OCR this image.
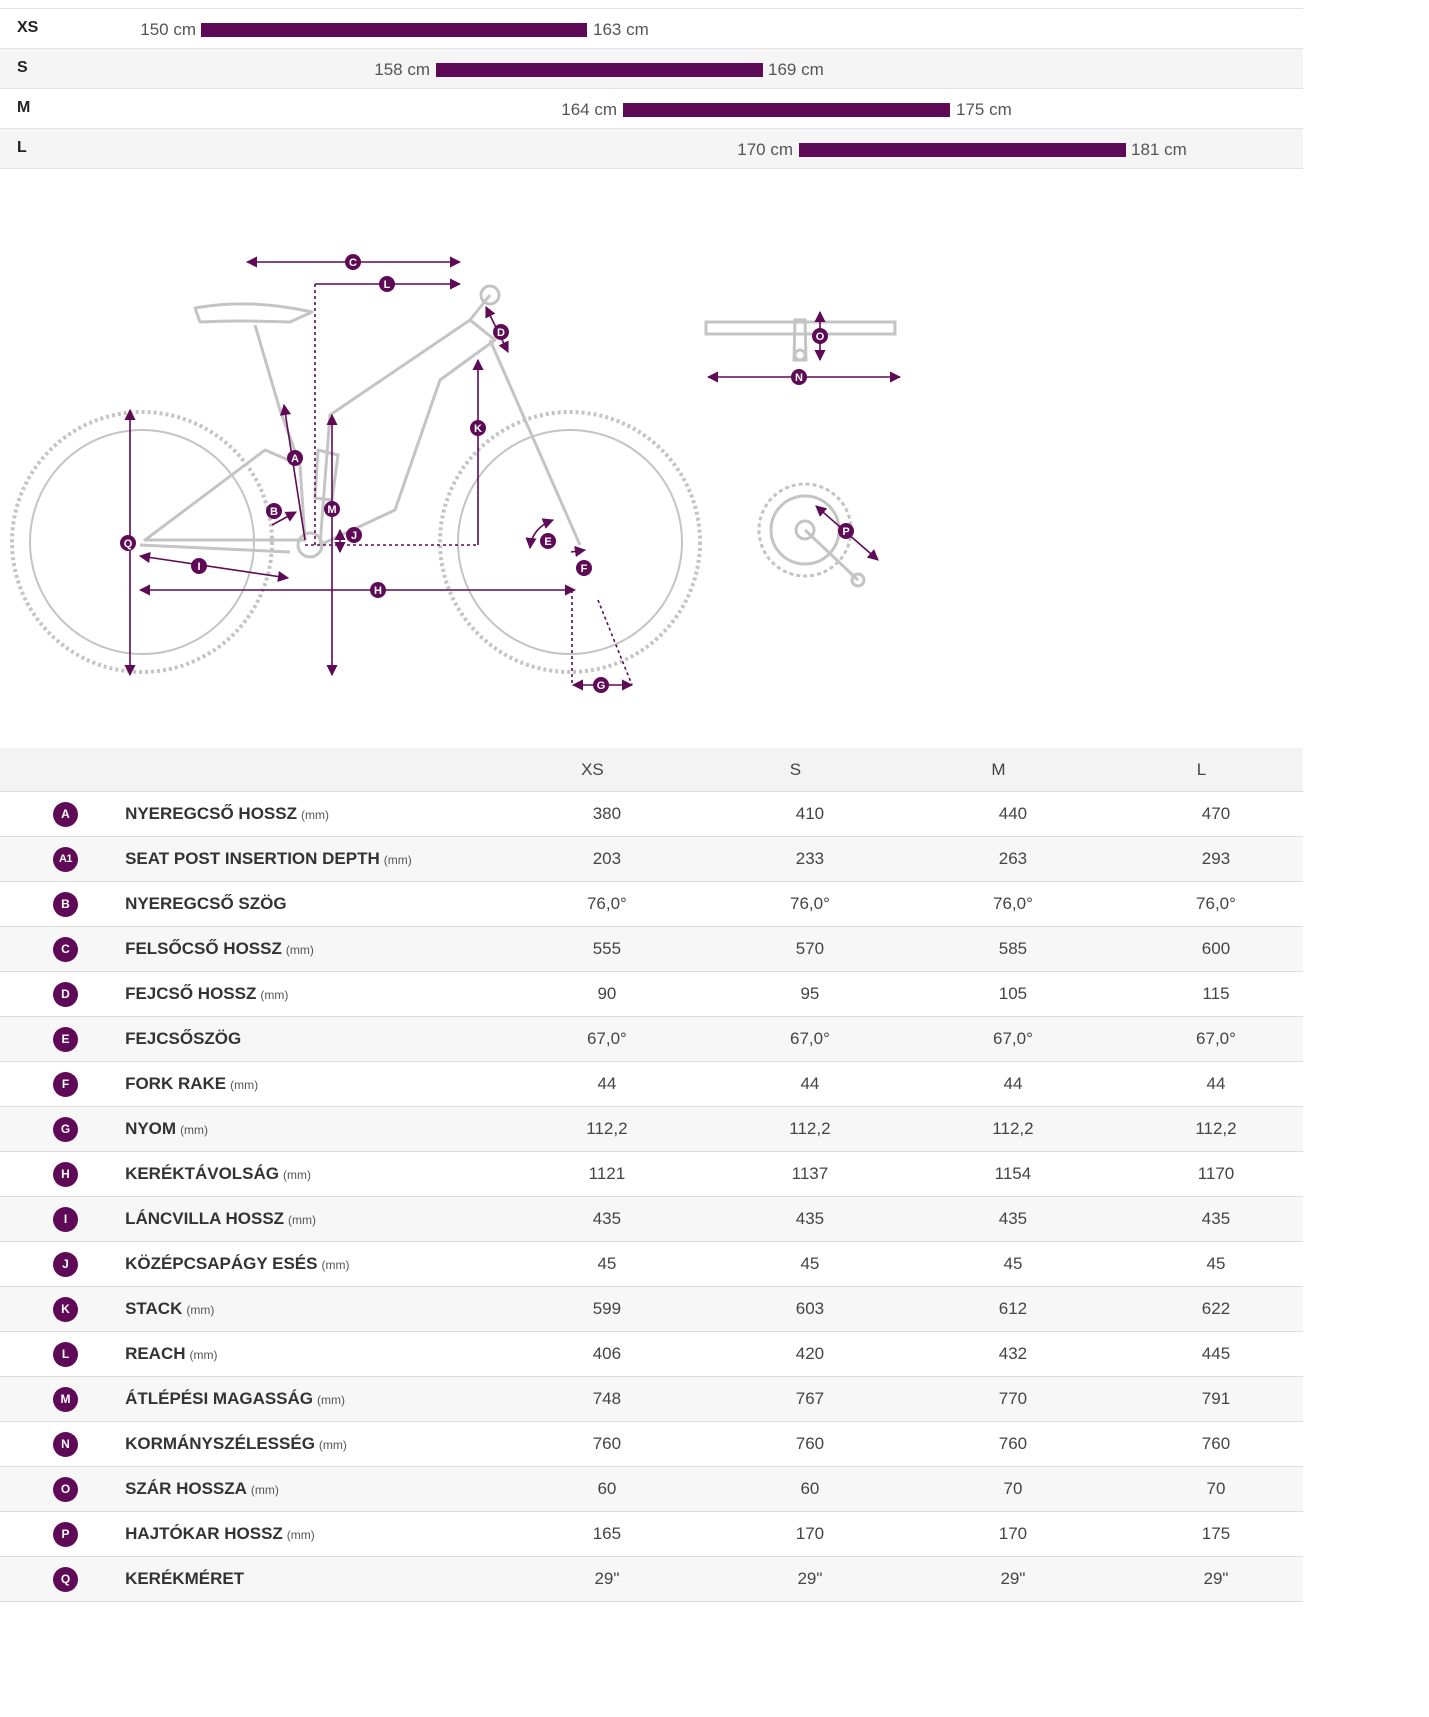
XS	150 cm	163 cm
S	158 cm	169 cm
M	164 cm	175 cm
L	170 cm	181 cm
A
B
C
D
E
F
G
H
I
J
K
L
M
N
O
P
Q
		XS	S	M	L

A	NYEREGCSŐ HOSSZ (mm)	380	410	440	470

A1	SEAT POST INSERTION DEPTH (mm)	203	233	263	293

B	NYEREGCSŐ SZÖG	76,0°	76,0°	76,0°	76,0°

C	FELSŐCSŐ HOSSZ (mm)	555	570	585	600

D	FEJCSŐ HOSSZ (mm)	90	95	105	115

E	FEJCSŐSZÖG	67,0°	67,0°	67,0°	67,0°

F	FORK RAKE (mm)	44	44	44	44

G	NYOM (mm)	112,2	112,2	112,2	112,2

H	KERÉKTÁVOLSÁG (mm)	1121	1137	1154	1170

I	LÁNCVILLA HOSSZ (mm)	435	435	435	435

J	KÖZÉPCSAPÁGY ESÉS (mm)	45	45	45	45

K	STACK (mm)	599	603	612	622

L	REACH (mm)	406	420	432	445

M	ÁTLÉPÉSI MAGASSÁG (mm)	748	767	770	791

N	KORMÁNYSZÉLESSÉG (mm)	760	760	760	760

O	SZÁR HOSSZA (mm)	60	60	70	70

P	HAJTÓKAR HOSSZ (mm)	165	170	170	175

Q	KERÉKMÉRET	29"	29"	29"	29"
